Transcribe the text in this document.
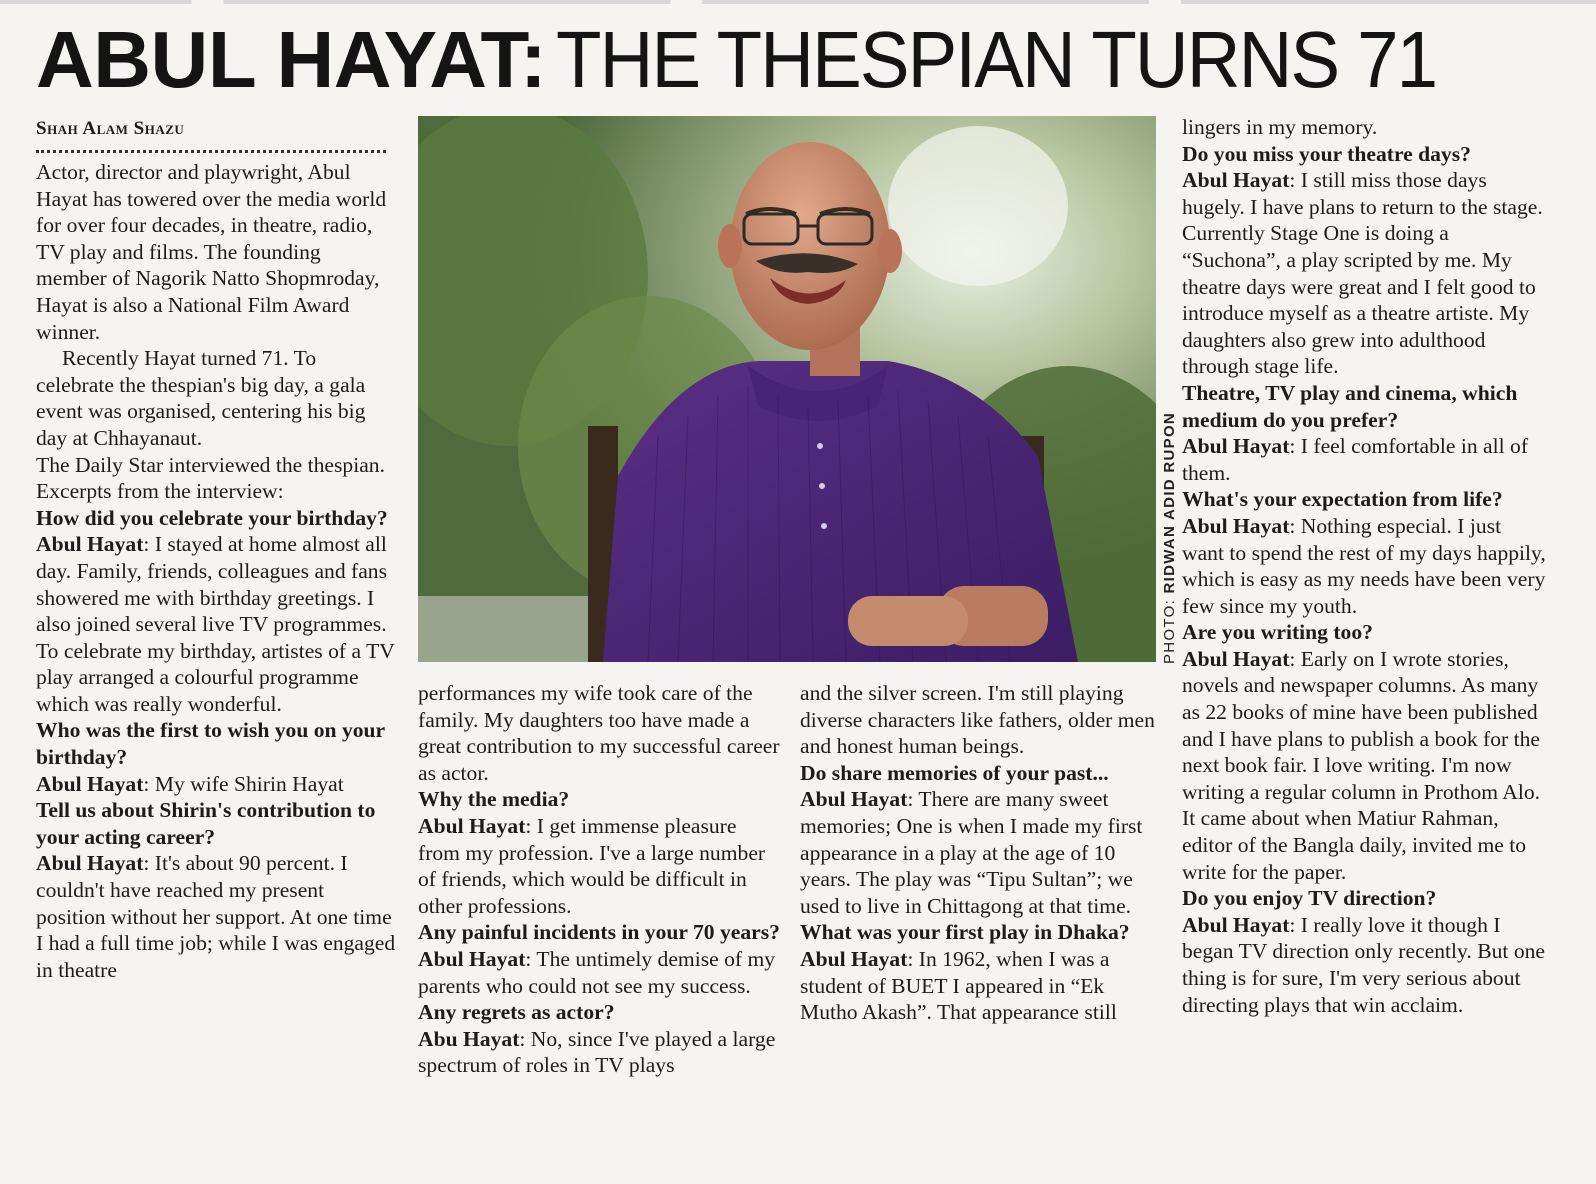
ABUL HAYAT: THE THESPIAN TURNS 71
Shah Alam Shazu

Actor, director and playwright, Abul Hayat has towered over the media world for over four decades, in theatre, radio, TV play and films. The founding member of Nagorik Natto Shopmroday, Hayat is also a National Film Award winner.

Recently Hayat turned 71. To celebrate the thespian's big day, a gala event was organised, centering his big day at Chhayanaut.

The Daily Star interviewed the thespian. Excerpts from the interview:

How did you celebrate your birthday?

Abul Hayat: I stayed at home almost all day. Family, friends, colleagues and fans showered me with birthday greetings. I also joined several live TV programmes. To celebrate my birthday, artistes of a TV play arranged a colourful programme which was really wonderful.

Who was the first to wish you on your birthday?

Abul Hayat: My wife Shirin Hayat

Tell us about Shirin's contribution to your acting career?

Abul Hayat: It's about 90 percent. I couldn't have reached my present position without her support. At one time I had a full time job; while I was engaged in theatre

PHOTO: RIDWAN ADID RUPON

performances my wife took care of the family. My daughters too have made a great contribution to my successful career as actor.

Why the media?

Abul Hayat: I get immense pleasure from my profession. I've a large number of friends, which would be difficult in other professions.

Any painful incidents in your 70 years?

Abul Hayat: The untimely demise of my parents who could not see my success.

Any regrets as actor?

Abu Hayat: No, since I've played a large spectrum of roles in TV plays

and the silver screen. I'm still playing diverse characters like fathers, older men and honest human beings.

Do share memories of your past...

Abul Hayat: There are many sweet memories; One is when I made my first appearance in a play at the age of 10 years. The play was “Tipu Sultan”; we used to live in Chittagong at that time.

What was your first play in Dhaka?

Abul Hayat: In 1962, when I was a student of BUET I appeared in “Ek Mutho Akash”. That appearance still

lingers in my memory.

Do you miss your theatre days?

Abul Hayat: I still miss those days hugely. I have plans to return to the stage. Currently Stage One is doing a “Suchona”, a play scripted by me. My theatre days were great and I felt good to introduce myself as a theatre artiste. My daughters also grew into adulthood through stage life.

Theatre, TV play and cinema, which medium do you prefer?

Abul Hayat: I feel comfortable in all of them.

What's your expectation from life?

Abul Hayat: Nothing especial. I just want to spend the rest of my days happily, which is easy as my needs have been very few since my youth.

Are you writing too?

Abul Hayat: Early on I wrote stories, novels and newspaper columns. As many as 22 books of mine have been published and I have plans to publish a book for the next book fair. I love writing. I'm now writing a regular column in Prothom Alo. It came about when Matiur Rahman, editor of the Bangla daily, invited me to write for the paper.

Do you enjoy TV direction?

Abul Hayat: I really love it though I began TV direction only recently. But one thing is for sure, I'm very serious about directing plays that win acclaim.
